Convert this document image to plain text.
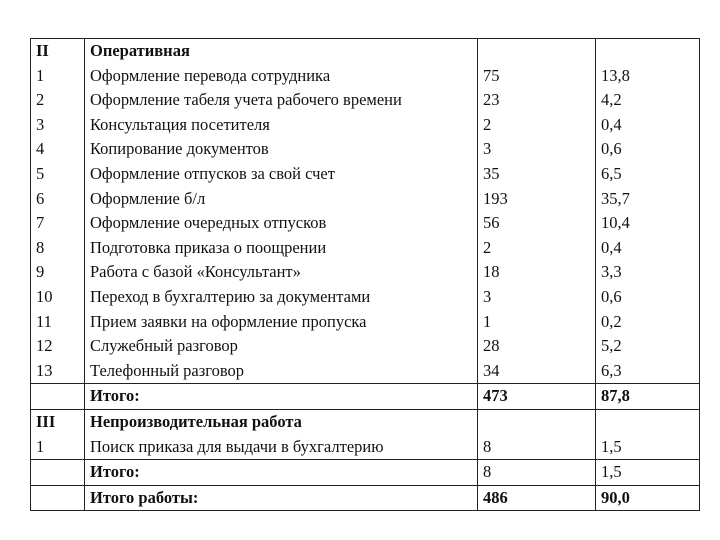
II	Оперативная		
1	Оформление перевода сотрудника	75	13,8
2	Оформление табеля учета рабочего времени	23	4,2
3	Консультация посетителя	2	0,4
4	Копирование документов	3	0,6
5	Оформление отпусков за свой счет	35	6,5
6	Оформление б/л	193	35,7
7	Оформление очередных отпусков	56	10,4
8	Подготовка приказа о поощрении	2	0,4
9	Работа с базой «Консультант»	18	3,3
10	Переход в бухгалтерию за документами	3	0,6
11	Прием заявки на оформление пропуска	1	0,2
12	Служебный разговор	28	5,2
13	Телефонный разговор	34	6,3
	Итого:	473	87,8
III	Непроизводительная работа		
1	Поиск приказа для выдачи в бухгалтерию	8	1,5
	Итого:	8	1,5
	Итого работы:	486	90,0
